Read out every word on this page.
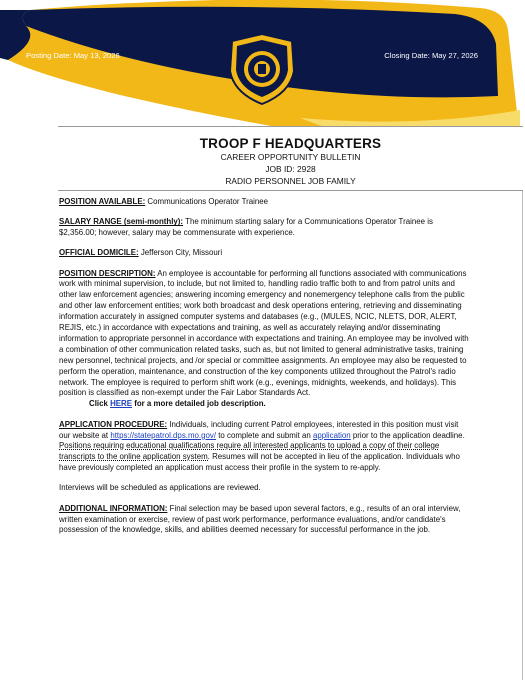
Posting Date: May 13, 2026	Closing Date: May 27, 2026
TROOP F HEADQUARTERS
CAREER OPPORTUNITY BULLETIN
JOB ID: 2928
RADIO PERSONNEL JOB FAMILY

POSITION AVAILABLE: Communications Operator Trainee

SALARY RANGE (semi-monthly): The minimum starting salary for a Communications Operator Trainee is $2,356.00; however, salary may be commensurate with experience.

OFFICIAL DOMICILE: Jefferson City, Missouri

POSITION DESCRIPTION: An employee is accountable for performing all functions associated with communications work with minimal supervision, to include, but not limited to, handling radio traffic both to and from patrol units and other law enforcement agencies; answering incoming emergency and nonemergency telephone calls from the public and other law enforcement entities; work both broadcast and desk operations entering, retrieving and disseminating information accurately in assigned computer systems and databases (e.g., (MULES, NCIC, NLETS, DOR, ALERT, REJIS, etc.) in accordance with expectations and training, as well as accurately relaying and/or disseminating information to appropriate personnel in accordance with expectations and training. An employee may be involved with a combination of other communication related tasks, such as, but not limited to general administrative tasks, training new personnel, technical projects, and /or special or committee assignments. An employee may also be requested to perform the operation, maintenance, and construction of the key components utilized throughout the Patrol's radio network. The employee is required to perform shift work (e.g., evenings, midnights, weekends, and holidays). This position is classified as non-exempt under the Fair Labor Standards Act.

Click HERE for a more detailed job description.

APPLICATION PROCEDURE: Individuals, including current Patrol employees, interested in this position must visit our website at https://statepatrol.dps.mo.gov/ to complete and submit an application prior to the application deadline. Positions requiring educational qualifications require all interested applicants to upload a copy of their college transcripts to the online application system. Resumes will not be accepted in lieu of the application. Individuals who have previously completed an application must access their profile in the system to re-apply.

Interviews will be scheduled as applications are reviewed.

ADDITIONAL INFORMATION: Final selection may be based upon several factors, e.g., results of an oral interview, written examination or exercise, review of past work performance, performance evaluations, and/or candidate's possession of the knowledge, skills, and abilities deemed necessary for successful performance in the job.
